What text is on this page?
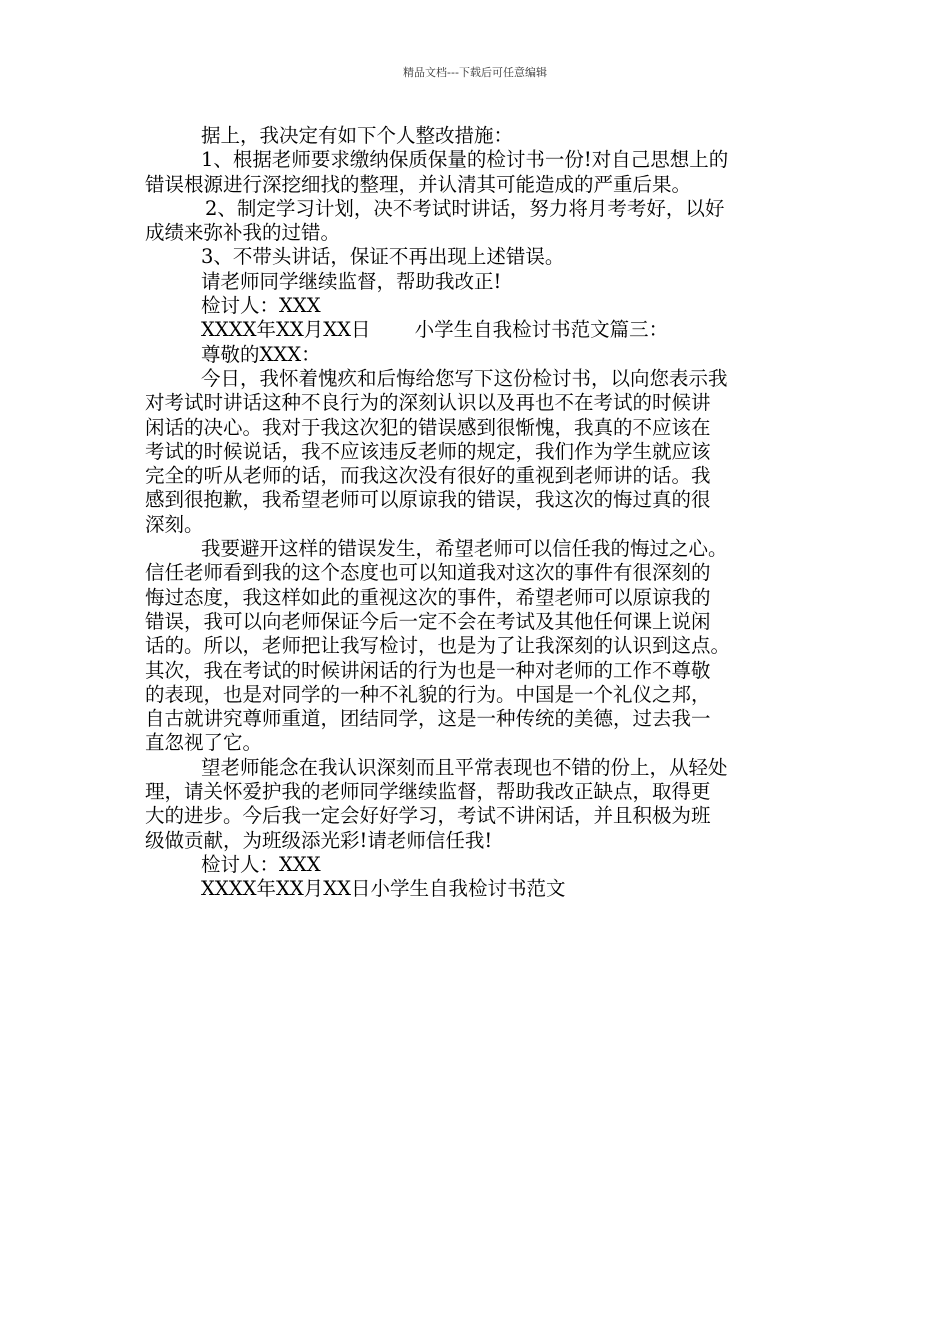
精品文档---下载后可任意编辑
据上，我决定有如下个人整改措施：
1、根据老师要求缴纳保质保量的检讨书一份!对自己思想上的
错误根源进行深挖细找的整理，并认清其可能造成的严重后果。
2、制定学习计划，决不考试时讲话，努力将月考考好，以好
成绩来弥补我的过错。
3、不带头讲话，保证不再出现上述错误。
请老师同学继续监督，帮助我改正!
检讨人：XXX
XXXX年XX月XX日 小学生自我检讨书范文篇三：
尊敬的XXX：
今日，我怀着愧疚和后悔给您写下这份检讨书，以向您表示我
对考试时讲话这种不良行为的深刻认识以及再也不在考试的时候讲
闲话的决心。我对于我这次犯的错误感到很惭愧，我真的不应该在
考试的时候说话，我不应该违反老师的规定，我们作为学生就应该
完全的听从老师的话，而我这次没有很好的重视到老师讲的话。我
感到很抱歉，我希望老师可以原谅我的错误，我这次的悔过真的很
深刻。
我要避开这样的错误发生，希望老师可以信任我的悔过之心。
信任老师看到我的这个态度也可以知道我对这次的事件有很深刻的
悔过态度，我这样如此的重视这次的事件，希望老师可以原谅我的
错误，我可以向老师保证今后一定不会在考试及其他任何课上说闲
话的。所以，老师把让我写检讨，也是为了让我深刻的认识到这点。
其次，我在考试的时候讲闲话的行为也是一种对老师的工作不尊敬
的表现，也是对同学的一种不礼貌的行为。中国是一个礼仪之邦，
自古就讲究尊师重道，团结同学，这是一种传统的美德，过去我一
直忽视了它。
望老师能念在我认识深刻而且平常表现也不错的份上，从轻处
理，请关怀爱护我的老师同学继续监督，帮助我改正缺点，取得更
大的进步。今后我一定会好好学习，考试不讲闲话，并且积极为班
级做贡献，为班级添光彩!请老师信任我!
检讨人：XXX
XXXX年XX月XX日小学生自我检讨书范文
